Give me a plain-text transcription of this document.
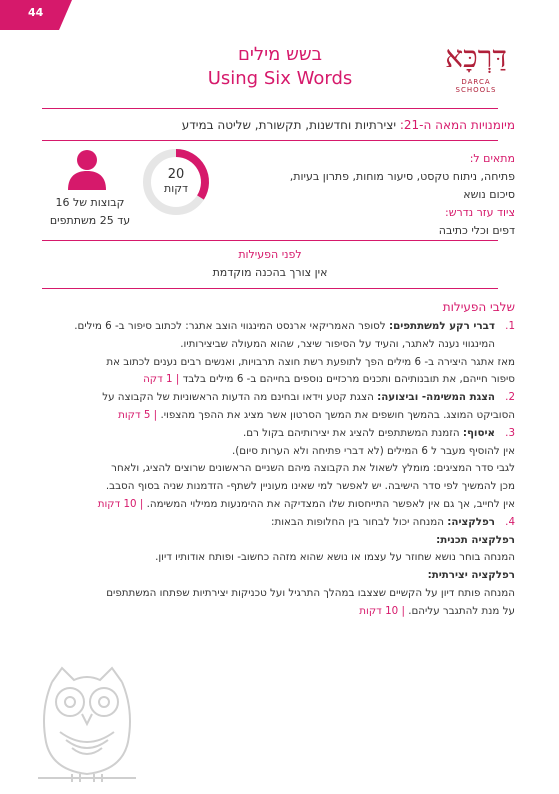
44
דַּרְכָּא
DARCA SCHOOLS
בשש מילים
Using Six Words
מיומנויות המאה ה-21: יצירתיות וחדשנות, תקשורת, שליטה במידע
מתאים ל:
פתיחה, ניתוח טקסט, סיעור מוחות, פתרון בעיות,
סיכום נושא
ציוד עזר נדרש:
דפים וכלי כתיבה
20
דקות
קבוצות של 16
עד 25 משתתפים
לפני הפעילות
אין צורך בהכנה מוקדמת
שלבי הפעילות
1.

דברי רקע למשתתפים: לסופר האמריקאי ארנסט המינגווי הוצב אתגר: לכתוב סיפור ב- 6 מילים.

המינגווי נענה לאתגר, והעיד על הסיפור שיצר, שהוא המעולה שביצירותיו.

מאז אתגר היצירה ב- 6 מילים הפך לתופעת רשת חוצה תרבויות, ואנשים רבים נענים לכתוב את

סיפור חייהם, את תובנותיהם ותכנים מרכזיים נוספים בחייהם ב- 6 מילים בלבד | 1 דקה

2.

הצגת המשימה- וביצועה: הצגת קטע וידאו ובחינם מה הדעות הראשוניות של הקבוצה על

הסוביקט המוצג. בהמשך חושפים את המשך הסרטון אשר מציג את ההפך מהצפוי. | 5 דקות

3.

איסוף: הזמנת המשתתפים להציג את יצירותיהם בקול רם.

אין להוסיף מעבר ל 6 המילים (לא דברי פתיחה ולא הערות סיום).

לגבי סדר המציגים: מומלץ לשאול את הקבוצה מיהם השניים הראשונים שרוצים להציג, ולאחר

מכן להמשיך לפי סדר הישיבה. יש לאפשר למי שאינו מעוניין לשתף- הזדמנות שניה בסוף הסבב.

אין לחייב, אך גם אין לאפשר התייחסות שלו המצדיקה את ההימנעות ממילוי המשימה. | 10 דקות

4.

רפלקציה: המנחה יכול לבחור בין החלופות הבאות:

רפלקציה תכנית:

המנחה בוחר נושא שחוזר על עצמו או נושא שהוא מזהה כחשוב- ופותח אודותיו דיון.

רפלקציה יצירתית:

המנחה פותח דיון על הקשיים שצצבו במהלך התרגיל ועל טכניקות יצירתיות שפתחו המשתתפים

על מנת להתגבר עליהם. | 10 דקות
